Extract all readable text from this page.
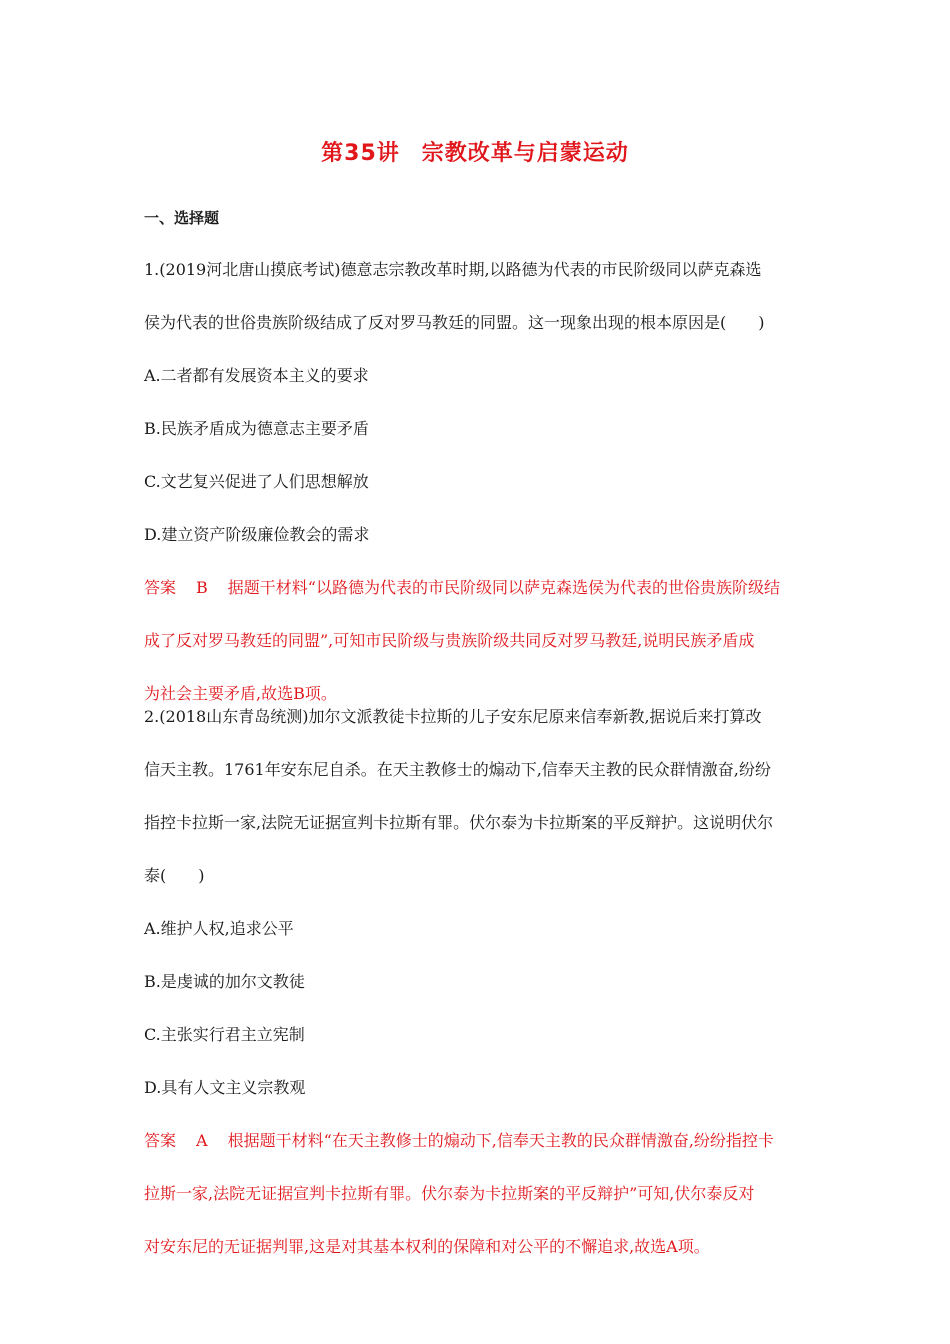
第35讲 宗教改革与启蒙运动
一、选择题
1.(2019河北唐山摸底考试)德意志宗教改革时期,以路德为代表的市民阶级同以萨克森选
侯为代表的世俗贵族阶级结成了反对罗马教廷的同盟。这一现象出现的根本原因是(　　)
A.二者都有发展资本主义的要求
B.民族矛盾成为德意志主要矛盾
C.文艺复兴促进了人们思想解放
D.建立资产阶级廉俭教会的需求
答案 B 据题干材料“以路德为代表的市民阶级同以萨克森选侯为代表的世俗贵族阶级结
成了反对罗马教廷的同盟”,可知市民阶级与贵族阶级共同反对罗马教廷,说明民族矛盾成
为社会主要矛盾,故选B项。
2.(2018山东青岛统测)加尔文派教徒卡拉斯的儿子安东尼原来信奉新教,据说后来打算改
信天主教。1761年安东尼自杀。在天主教修士的煽动下,信奉天主教的民众群情激奋,纷纷
指控卡拉斯一家,法院无证据宣判卡拉斯有罪。伏尔泰为卡拉斯案的平反辩护。这说明伏尔
泰(　　)
A.维护人权,追求公平
B.是虔诚的加尔文教徒
C.主张实行君主立宪制
D.具有人文主义宗教观
答案 A 根据题干材料“在天主教修士的煽动下,信奉天主教的民众群情激奋,纷纷指控卡
拉斯一家,法院无证据宣判卡拉斯有罪。伏尔泰为卡拉斯案的平反辩护”可知,伏尔泰反对
对安东尼的无证据判罪,这是对其基本权利的保障和对公平的不懈追求,故选A项。
